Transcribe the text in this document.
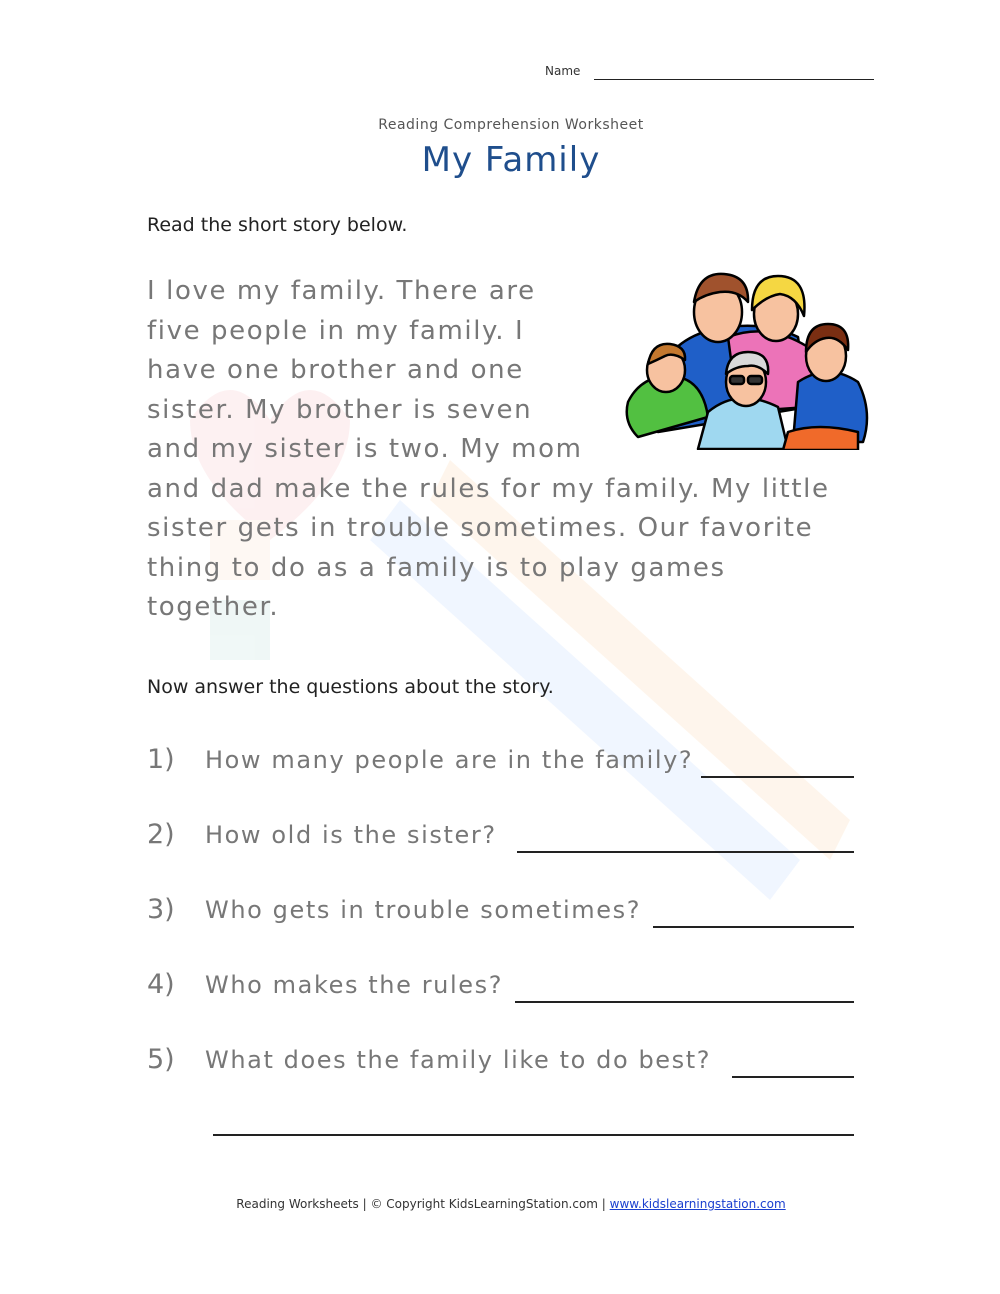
Name
Reading Comprehension Worksheet
My Family
Read the short story below.
I love my family. There are
five people in my family. I
have one brother and one
sister. My brother is seven
and my sister is two. My mom
and dad make the rules for my family. My little
sister gets in trouble sometimes. Our favorite
thing to do as a family is to play games
together.
Now answer the questions about the story.
1) How many people are in the family?
2) How old is the sister?
3) Who gets in trouble sometimes?
4) Who makes the rules?
5) What does the family like to do best?
Reading Worksheets | © Copyright KidsLearningStation.com | www.kidslearningstation.com
